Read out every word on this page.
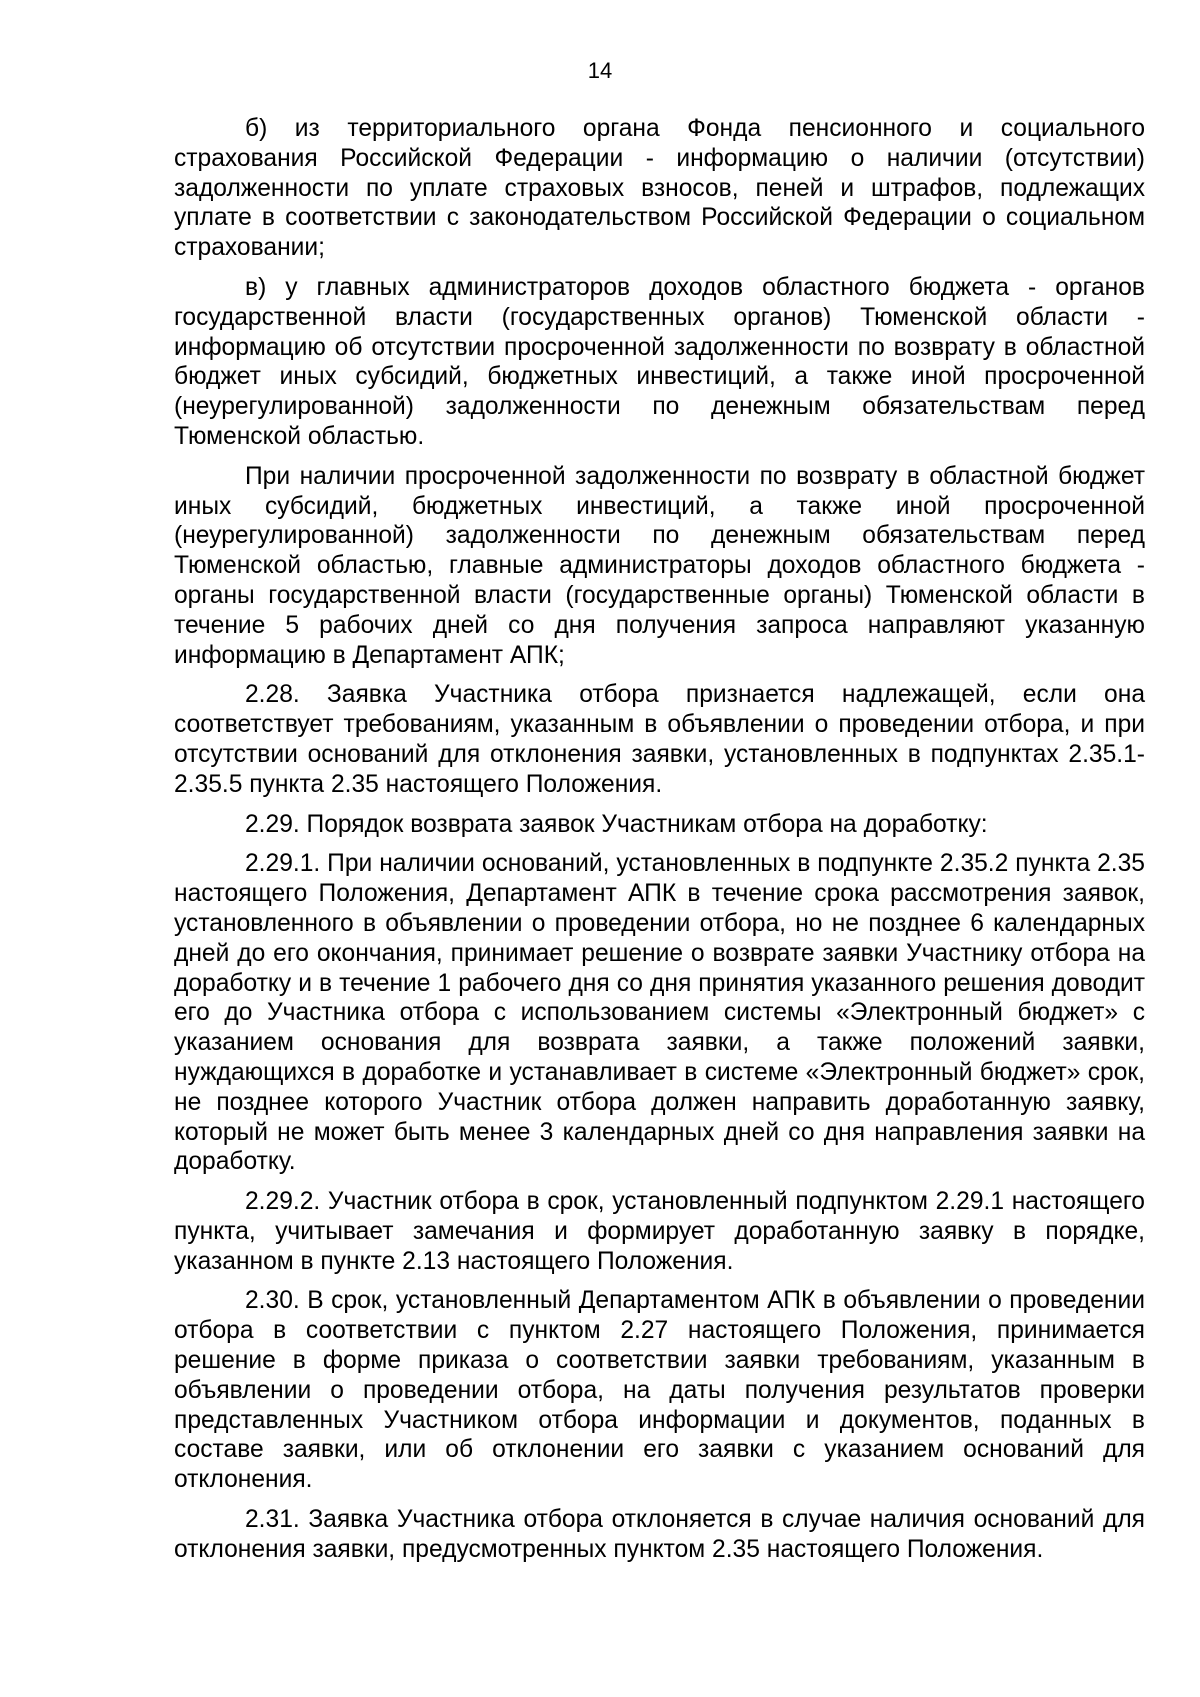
14

б) из территориального органа Фонда пенсионного и социального страхования Российской Федерации - информацию о наличии (отсутствии) задолженности по уплате страховых взносов, пеней и штрафов, подлежащих уплате в соответствии с законодательством Российской Федерации о социальном страховании;

в) у главных администраторов доходов областного бюджета - органов государственной власти (государственных органов) Тюменской области - информацию об отсутствии просроченной задолженности по возврату в областной бюджет иных субсидий, бюджетных инвестиций, а также иной просроченной (неурегулированной) задолженности по денежным обязательствам перед Тюменской областью.

При наличии просроченной задолженности по возврату в областной бюджет иных субсидий, бюджетных инвестиций, а также иной просроченной (неурегулированной) задолженности по денежным обязательствам перед Тюменской областью, главные администраторы доходов областного бюджета - органы государственной власти (государственные органы) Тюменской области в течение 5 рабочих дней со дня получения запроса направляют указанную информацию в Департамент АПК;

2.28. Заявка Участника отбора признается надлежащей, если она соответствует требованиям, указанным в объявлении о проведении отбора, и при отсутствии оснований для отклонения заявки, установленных в подпунктах 2.35.1- 2.35.5 пункта 2.35 настоящего Положения.

2.29. Порядок возврата заявок Участникам отбора на доработку:

2.29.1. При наличии оснований, установленных в подпункте 2.35.2 пункта 2.35 настоящего Положения, Департамент АПК в течение срока рассмотрения заявок, установленного в объявлении о проведении отбора, но не позднее 6 календарных дней до его окончания, принимает решение о возврате заявки Участнику отбора на доработку и в течение 1 рабочего дня со дня принятия указанного решения доводит его до Участника отбора с использованием системы «Электронный бюджет» с указанием основания для возврата заявки, а также положений заявки, нуждающихся в доработке и устанавливает в системе «Электронный бюджет» срок, не позднее которого Участник отбора должен направить доработанную заявку, который не может быть менее 3 календарных дней со дня направления заявки на доработку.

2.29.2. Участник отбора в срок, установленный подпунктом 2.29.1 настоящего пункта, учитывает замечания и формирует доработанную заявку в порядке, указанном в пункте 2.13 настоящего Положения.

2.30. В срок, установленный Департаментом АПК в объявлении о проведении отбора в соответствии с пунктом 2.27 настоящего Положения, принимается решение в форме приказа о соответствии заявки требованиям, указанным в объявлении о проведении отбора, на даты получения результатов проверки представленных Участником отбора информации и документов, поданных в составе заявки, или об отклонении его заявки с указанием оснований для отклонения.

2.31. Заявка Участника отбора отклоняется в случае наличия оснований для отклонения заявки, предусмотренных пунктом 2.35 настоящего Положения.
